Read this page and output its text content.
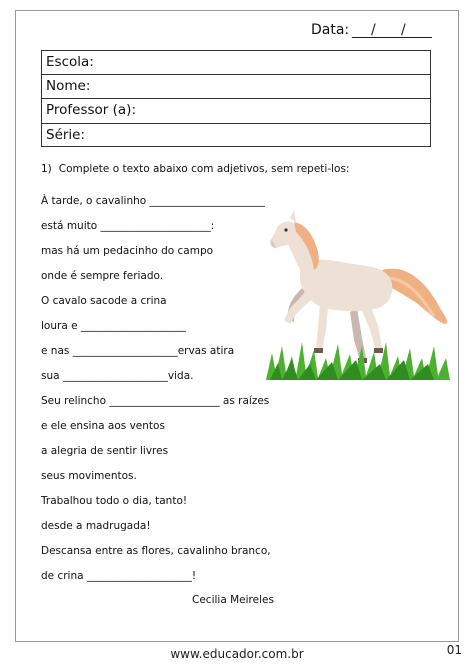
Data: / /
Escola:
Nome:
Professor (a):
Série:
1) Complete o texto abaixo com adjetivos, sem repeti-los:
À tarde, o cavalinho ______________________
está muito _____________________:
mas há um pedacinho do campo
onde é sempre feriado.
O cavalo sacode a crina
loura e ____________________
e nas ____________________ervas atira
sua ____________________vida.
Seu relincho _____________________ as raízes
e ele ensina aos ventos
a alegria de sentir livres
seus movimentos.
Trabalhou todo o dia, tanto!
desde a madrugada!
Descansa entre as flores, cavalinho branco,
de crina ____________________!
Cecilia Meireles
www.educador.com.br	01
